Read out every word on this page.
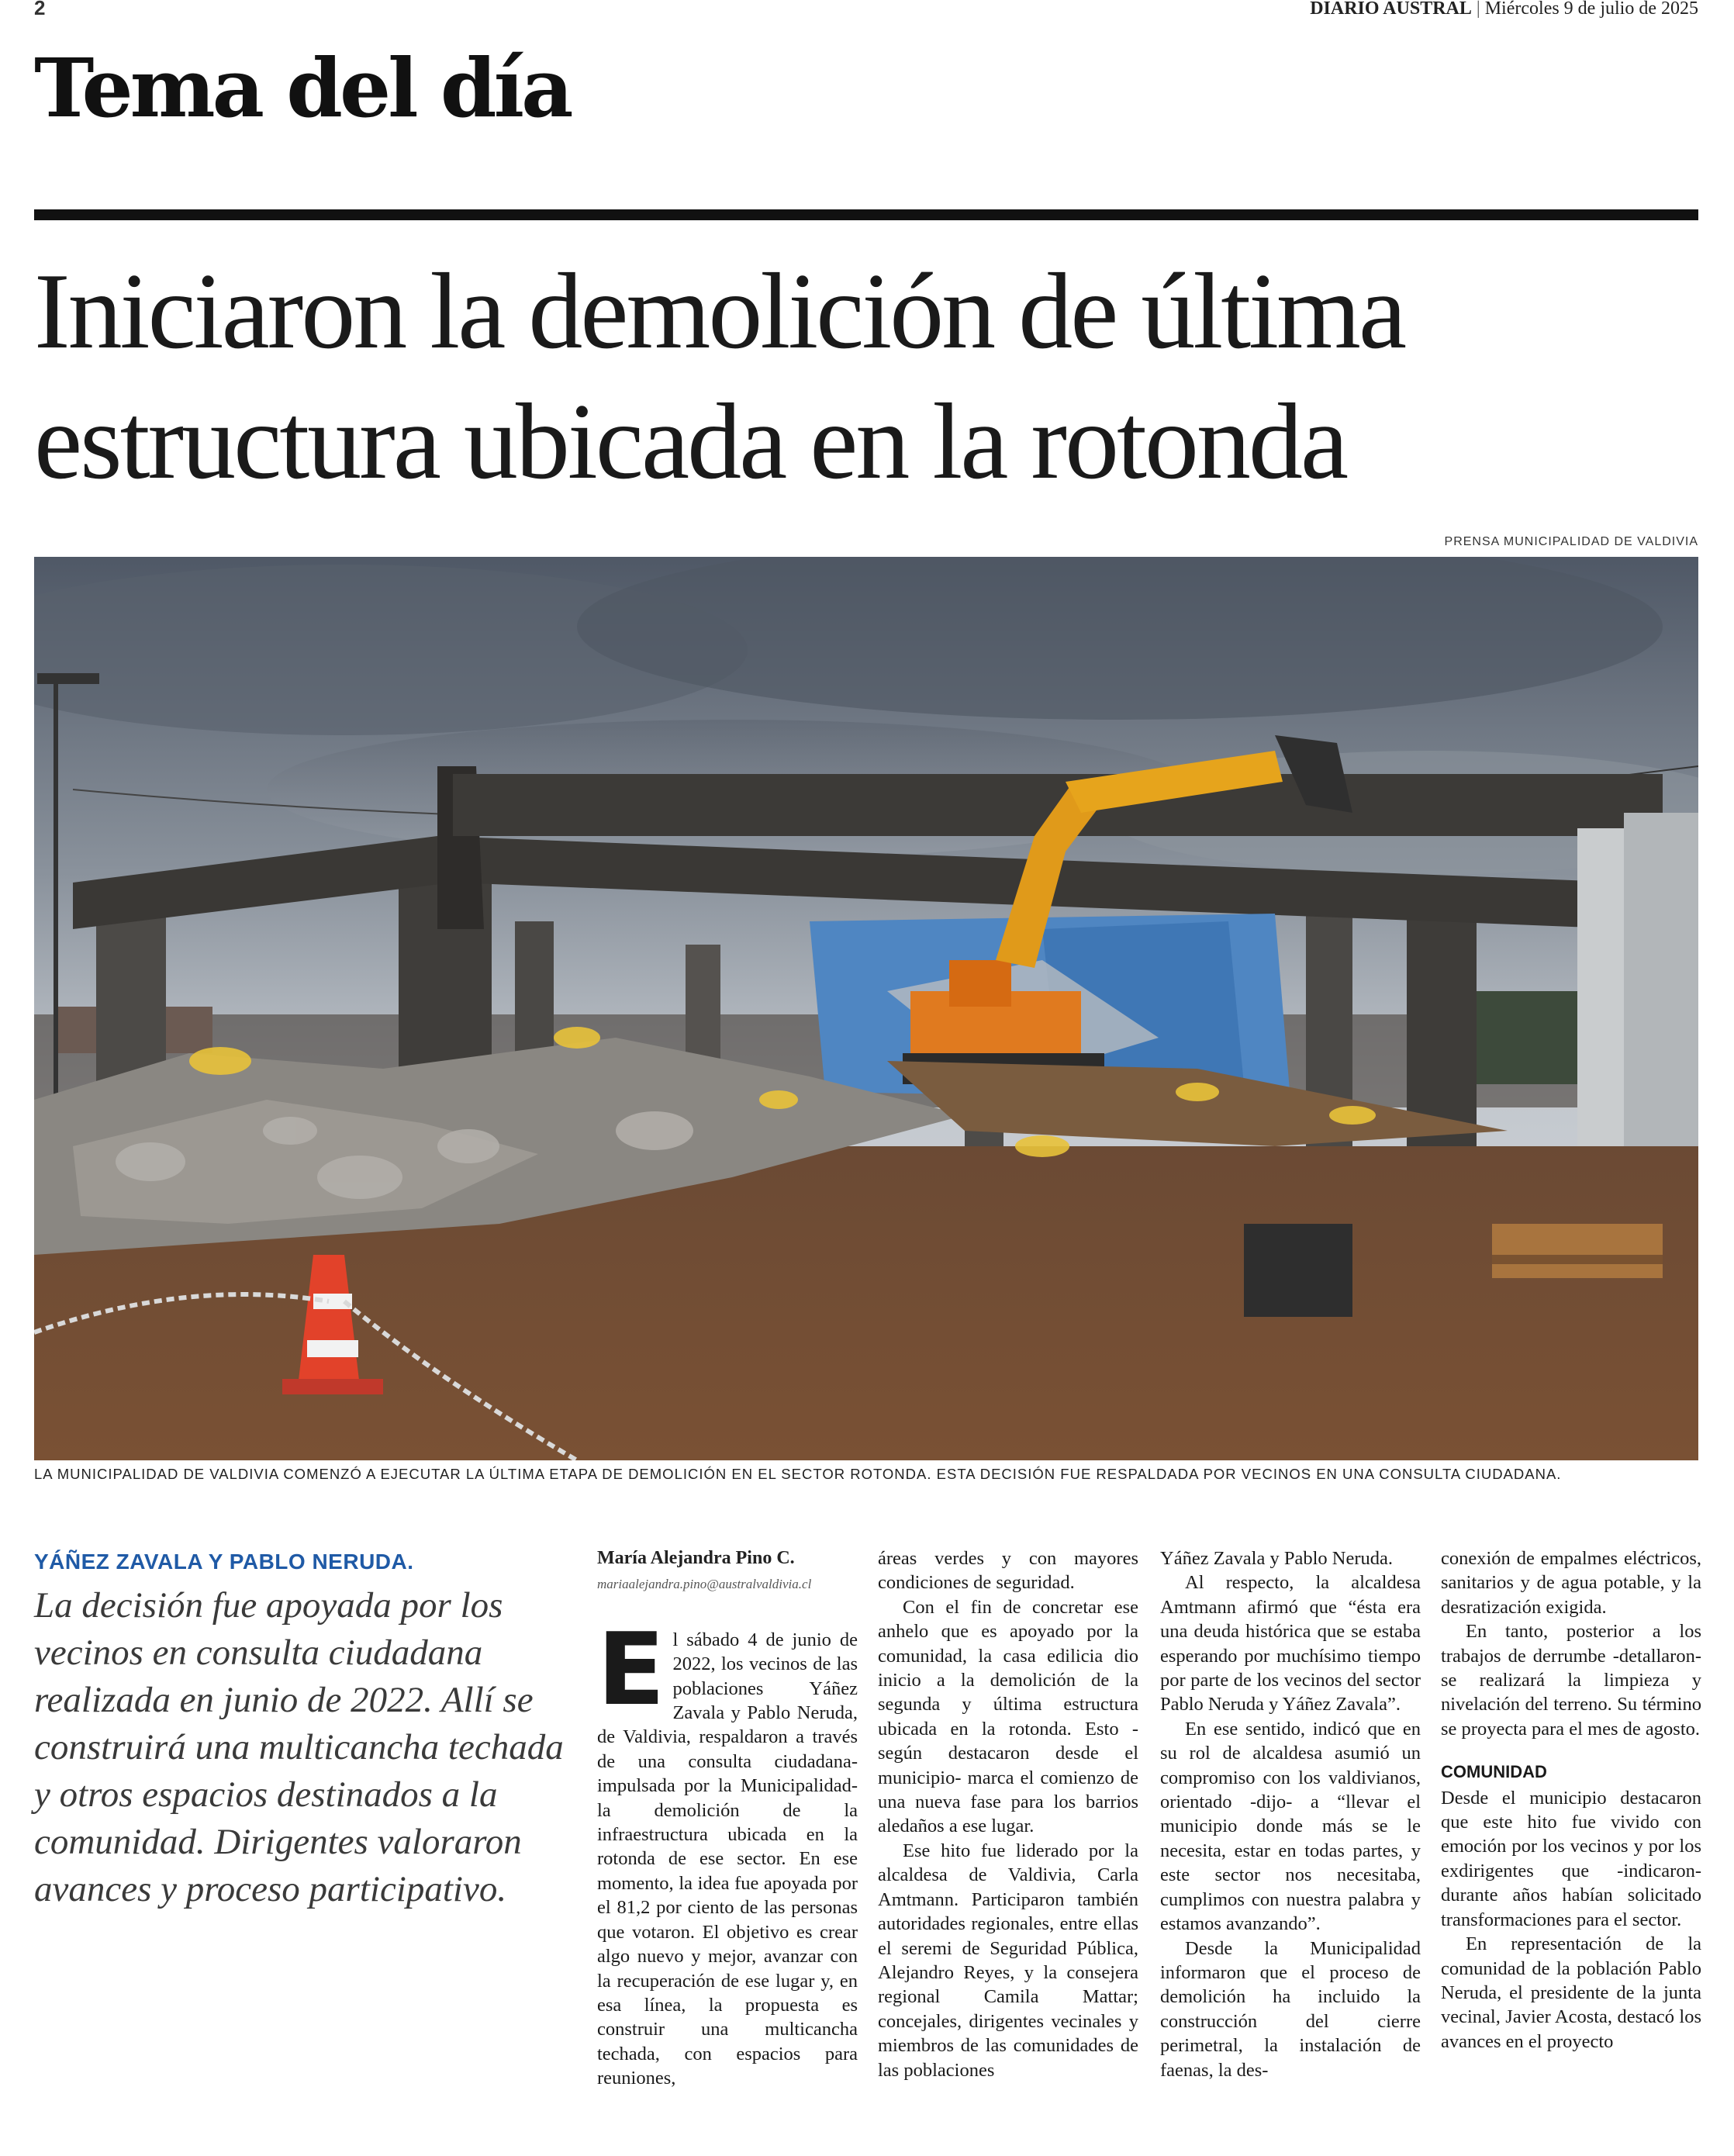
2	DIARIO AUSTRAL | Miércoles 9 de julio de 2025
Tema del día
Iniciaron la demolición de última
estructura ubicada en la rotonda
PRENSA MUNICIPALIDAD DE VALDIVIA
LA MUNICIPALIDAD DE VALDIVIA COMENZÓ A EJECUTAR LA ÚLTIMA ETAPA DE DEMOLICIÓN EN EL SECTOR ROTONDA. ESTA DECISIÓN FUE RESPALDADA POR VECINOS EN UNA CONSULTA CIUDADANA.
YÁÑEZ ZAVALA Y PABLO NERUDA.
La decisión fue apoyada por los vecinos en consulta ciudadana realizada en junio de 2022. Allí se construirá una multicancha techada y otros espacios destinados a la comunidad. Dirigentes valoraron avances y proceso participativo.
María Alejandra Pino C.
mariaalejandra.pino@australvaldivia.cl

El sábado 4 de junio de 2022, los vecinos de las poblaciones Yáñez Zavala y Pablo Neruda, de Valdivia, respaldaron a través de una consulta ciudadana-impulsada por la Municipalidad- la demolición de la infraestructura ubicada en la rotonda de ese sector. En ese momento, la idea fue apoyada por el 81,2 por ciento de las personas que votaron. El objetivo es crear algo nuevo y mejor, avanzar con la recuperación de ese lugar y, en esa línea, la propuesta es construir una multicancha techada, con espacios para reuniones,

áreas verdes y con mayores condiciones de seguridad.

Con el fin de concretar ese anhelo que es apoyado por la comunidad, la casa edilicia dio inicio a la demolición de la segunda y última estructura ubicada en la rotonda. Esto -según destacaron desde el municipio- marca el comienzo de una nueva fase para los barrios aledaños a ese lugar.

Ese hito fue liderado por la alcaldesa de Valdivia, Carla Amtmann. Participaron también autoridades regionales, entre ellas el seremi de Seguridad Pública, Alejandro Reyes, y la consejera regional Camila Mattar; concejales, dirigentes vecinales y miembros de las comunidades de las poblaciones

Yáñez Zavala y Pablo Neruda.

Al respecto, la alcaldesa Amtmann afirmó que “ésta era una deuda histórica que se estaba esperando por muchísimo tiempo por parte de los vecinos del sector Pablo Neruda y Yáñez Zavala”.

En ese sentido, indicó que en su rol de alcaldesa asumió un compromiso con los valdivianos, orientado -dijo- a “llevar el municipio donde más se le necesita, estar en todas partes, y este sector nos necesitaba, cumplimos con nuestra palabra y estamos avanzando”.

Desde la Municipalidad informaron que el proceso de demolición ha incluido la construcción del cierre perimetral, la instalación de faenas, la des-

conexión de empalmes eléctricos, sanitarios y de agua potable, y la desratización exigida.

En tanto, posterior a los trabajos de derrumbe -detallaron- se realizará la limpieza y nivelación del terreno. Su término se proyecta para el mes de agosto.

COMUNIDAD

Desde el municipio destacaron que este hito fue vivido con emoción por los vecinos y por los exdirigentes que -indicaron- durante años habían solicitado transformaciones para el sector.

En representación de la comunidad de la población Pablo Neruda, el presidente de la junta vecinal, Javier Acosta, destacó los avances en el proyecto
